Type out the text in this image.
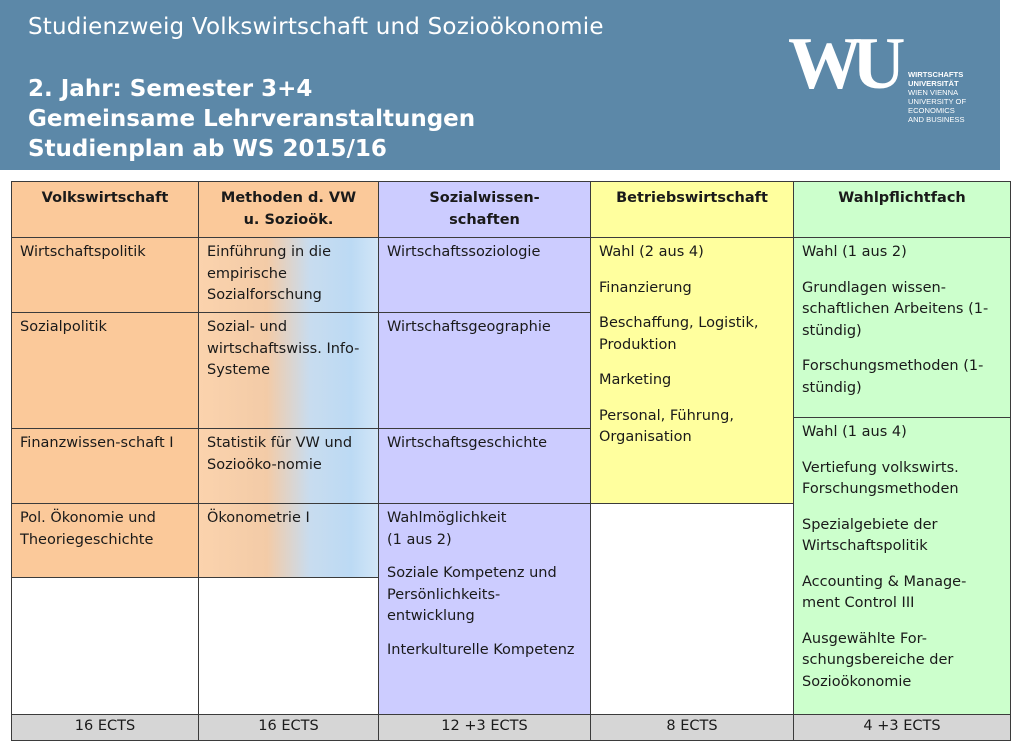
Studienzweig Volkswirtschaft und Sozioökonomie
2. Jahr: Semester 3+4
Gemeinsame Lehrveranstaltungen
Studienplan ab WS 2015/16
WU	WIRTSCHAFTS
UNIVERSITÄT
WIEN VIENNA
UNIVERSITY OF
ECONOMICS
AND BUSINESS
Volkswirtschaft
Wirtschaftspolitik
Sozialpolitik
Finanzwissen-schaft I
Pol. Ökonomie und Theoriegeschichte
16 ECTS
Methoden d. VW
u. Sozioök.
Einführung in die empirische Sozialforschung
Sozial- und wirtschaftswiss. Info-Systeme
Statistik für VW und Sozioöko-nomie
Ökonometrie I
16 ECTS
Sozialwissen-
schaften
Wirtschaftssoziologie
Wirtschaftsgeographie
Wirtschaftsgeschichte

Wahlmöglichkeit

(1 aus 2)

Soziale Kompetenz und Persönlichkeits-entwicklung

Interkulturelle Kompetenz

12 +3 ECTS
Betriebswirtschaft

Wahl (2 aus 4)

Finanzierung

Beschaffung, Logistik, Produktion

Marketing

Personal, Führung, Organisation

8 ECTS
Wahlpflichtfach

Wahl (1 aus 2)

Grundlagen wissen-schaftlichen Arbeitens (1-stündig)

Forschungsmethoden (1-stündig)

Wahl (1 aus 4)

Vertiefung volkswirts. Forschungsmethoden

Spezialgebiete der Wirtschaftspolitik

Accounting & Manage-ment Control III

Ausgewählte For-schungsbereiche der Sozioökonomie

4 +3 ECTS
